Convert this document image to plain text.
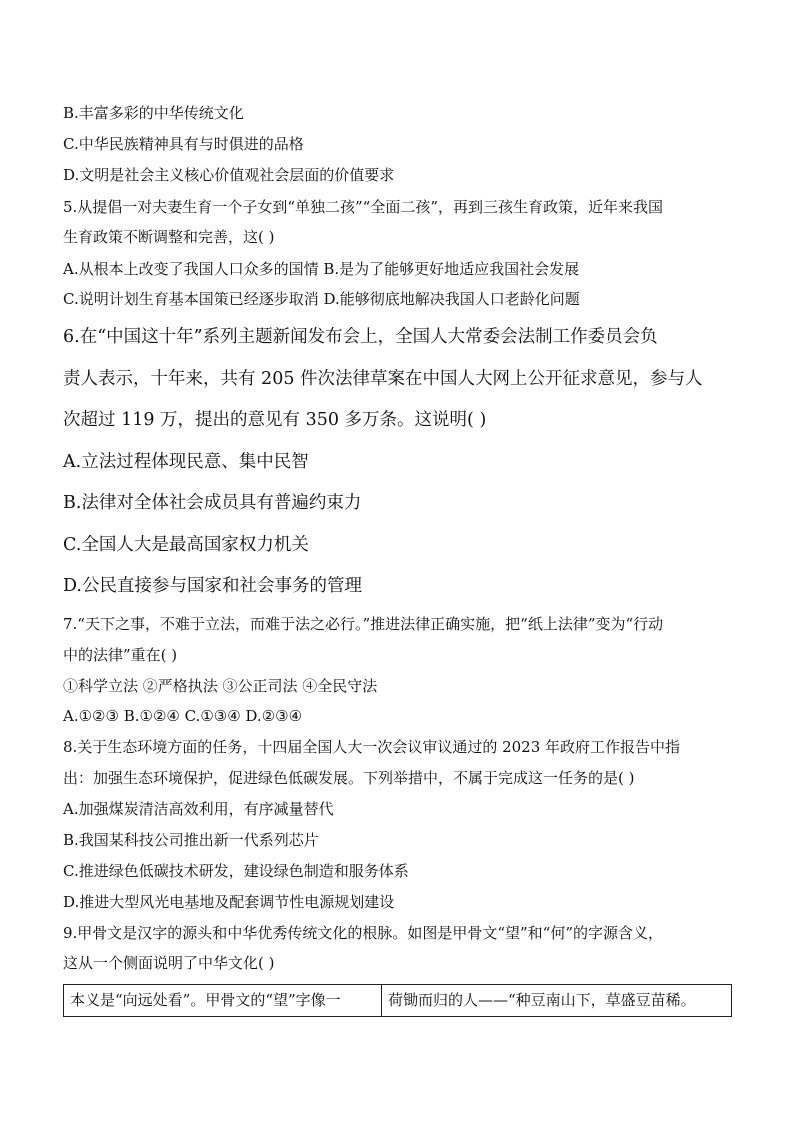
B.丰富多彩的中华传统文化
C.中华民族精神具有与时俱进的品格
D.文明是社会主义核心价值观社会层面的价值要求
5.从提倡一对夫妻生育一个子女到“单独二孩”“全面二孩”，再到三孩生育政策，近年来我国
生育政策不断调整和完善，这( )
A.从根本上改变了我国人口众多的国情 B.是为了能够更好地适应我国社会发展
C.说明计划生育基本国策已经逐步取消 D.能够彻底地解决我国人口老龄化问题
6.在“中国这十年”系列主题新闻发布会上，全国人大常委会法制工作委员会负
责人表示，十年来，共有 205 件次法律草案在中国人大网上公开征求意见，参与人
次超过 119 万，提出的意见有 350 多万条。这说明( )
A.立法过程体现民意、集中民智
B.法律对全体社会成员具有普遍约束力
C.全国人大是最高国家权力机关
D.公民直接参与国家和社会事务的管理
7.“天下之事，不难于立法，而难于法之必行。”推进法律正确实施，把“纸上法律”变为“行动
中的法律”重在( )
①科学立法 ②严格执法 ③公正司法 ④全民守法
A.①②③ B.①②④ C.①③④ D.②③④
8.关于生态环境方面的任务，十四届全国人大一次会议审议通过的 2023 年政府工作报告中指
出：加强生态环境保护，促进绿色低碳发展。下列举措中，不属于完成这一任务的是( )
A.加强煤炭清洁高效利用，有序减量替代
B.我国某科技公司推出新一代系列芯片
C.推进绿色低碳技术研发，建设绿色制造和服务体系
D.推进大型风光电基地及配套调节性电源规划建设
9.甲骨文是汉字的源头和中华优秀传统文化的根脉。如图是甲骨文“望”和“何”的字源含义，
这从一个侧面说明了中华文化( )
本义是“向远处看”。甲骨文的“望”字像一	荷锄而归的人——“种豆南山下，草盛豆苗稀。
